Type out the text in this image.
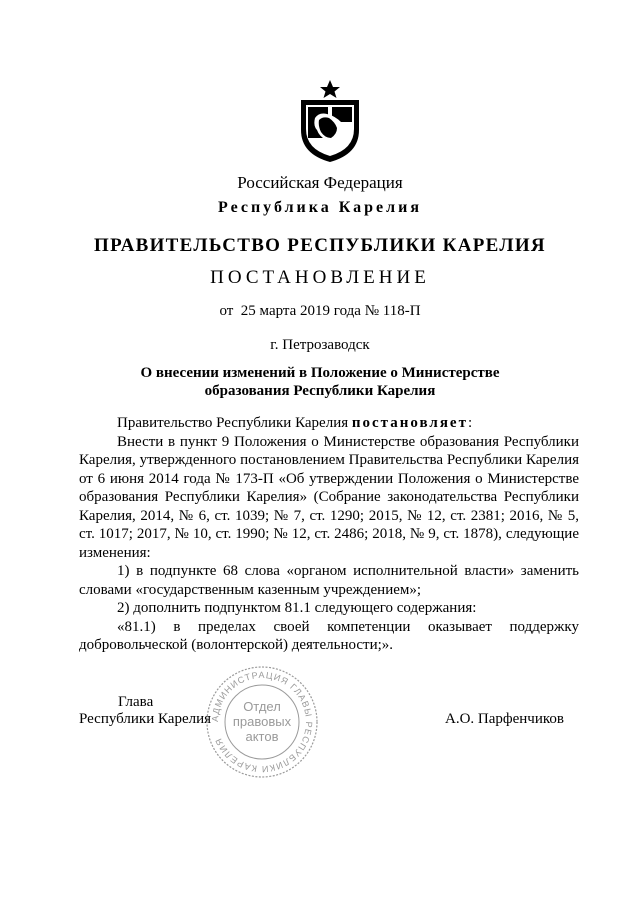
Российская Федерация
Республика Карелия
ПРАВИТЕЛЬСТВО РЕСПУБЛИКИ КАРЕЛИЯ
ПОСТАНОВЛЕНИЕ
от  25 марта 2019 года № 118-П
г. Петрозаводск
О внесении изменений в Положение о Министерстве
образования Республики Карелия

Правительство Республики Карелия постановляет:

Внести в пункт 9 Положения о Министерстве образования Республики Карелия, утвержденного постановлением Правительства Республики Карелия от 6 июня 2014 года № 173-П «Об утверждении Положения о Министерстве образования Республики Карелия» (Собрание законодательства Республики Карелия, 2014, № 6, ст. 1039; № 7, ст. 1290; 2015, № 12, ст. 2381; 2016, № 5, ст. 1017; 2017, № 10, ст. 1990; № 12, ст. 2486; 2018, № 9, ст. 1878), следующие изменения:

1) в подпункте 68 слова «органом исполнительной власти» заменить словами «государственным казенным учреждением»;

2) дополнить подпунктом 81.1 следующего содержания:

«81.1) в пределах своей компетенции оказывает поддержку добровольческой (волонтерской) деятельности;».

Глава
Республики Карелия	А.О. Парфенчиков
АДМИНИСТРАЦИЯ ГЛАВЫ РЕСПУБЛИКИ КАРЕЛИЯ
Отдел
правовых
актов
